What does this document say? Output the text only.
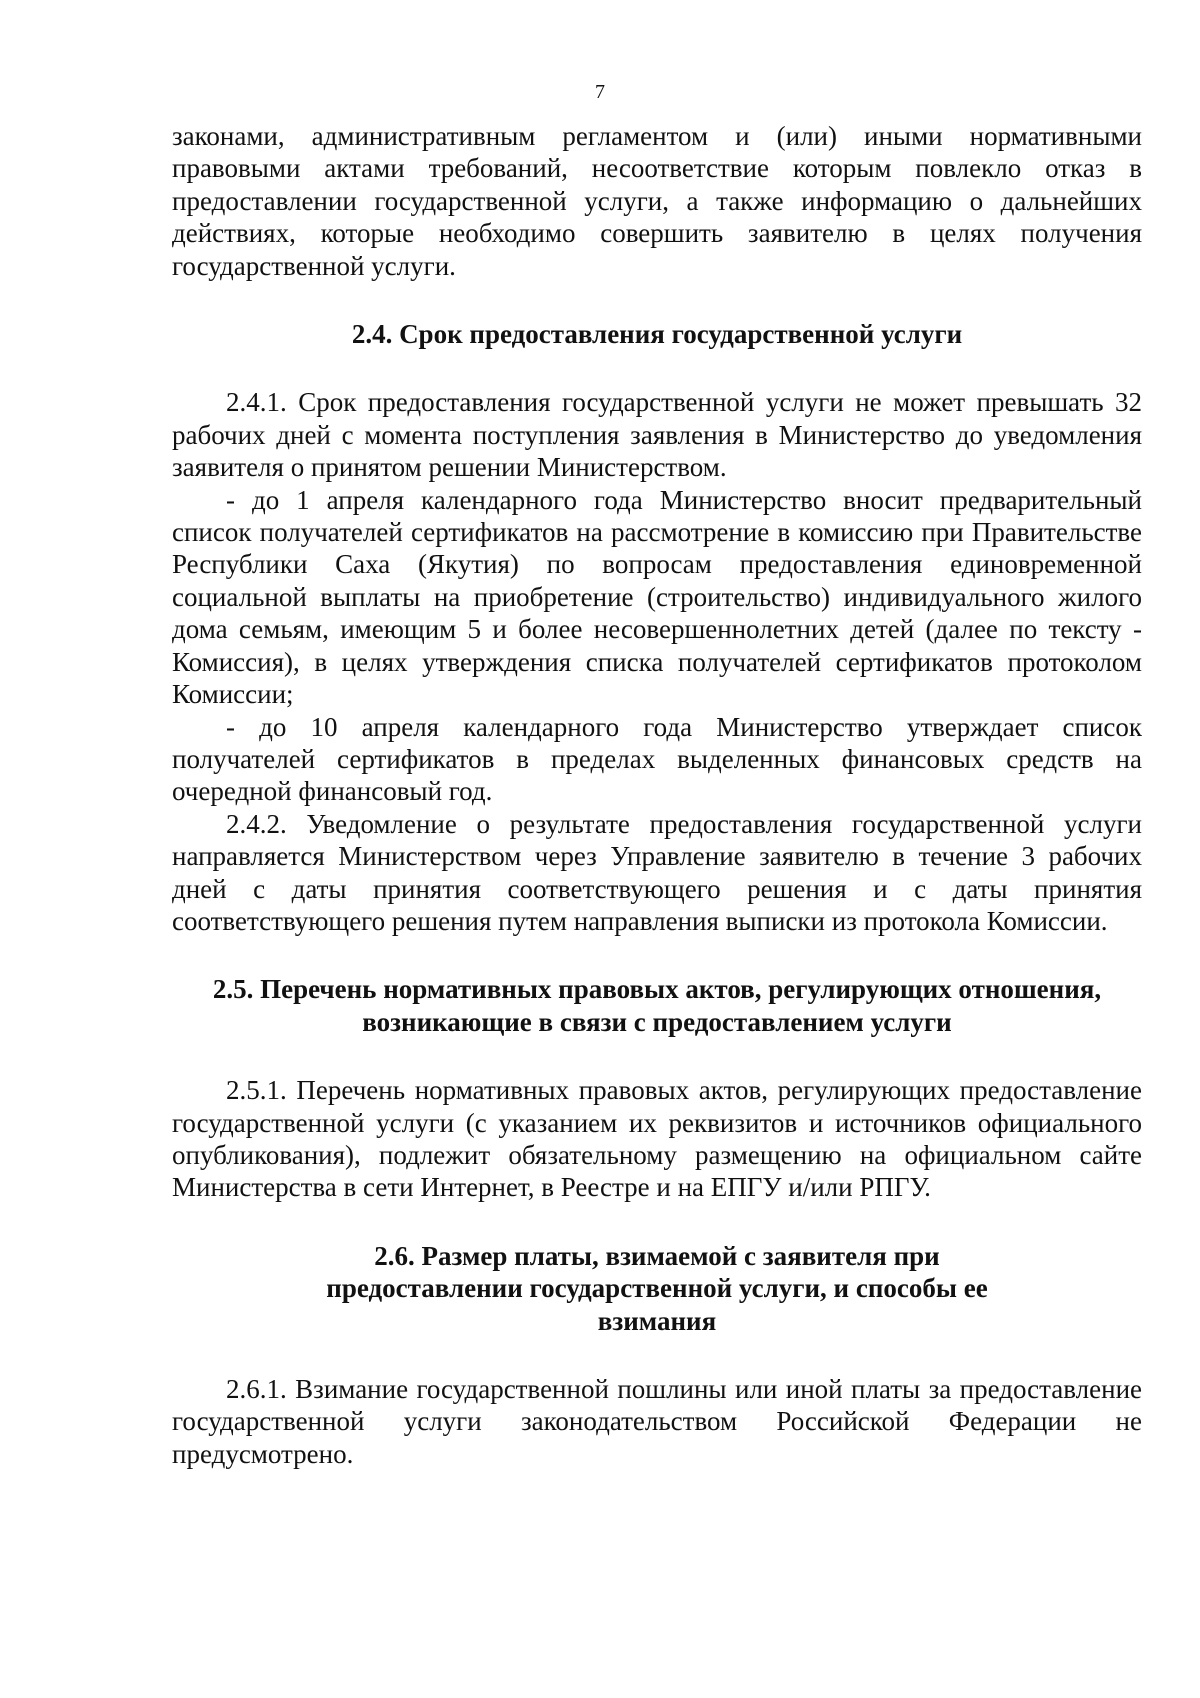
7

законами, административным регламентом и (или) иными нормативными правовыми актами требований, несоответствие которым повлекло отказ в предоставлении государственной услуги, а также информацию о дальнейших действиях, которые необходимо совершить заявителю в целях получения государственной услуги.

2.4. Срок предоставления государственной услуги

2.4.1. Срок предоставления государственной услуги не может превышать 32 рабочих дней с момента поступления заявления в Министерство до уведомления заявителя о принятом решении Министерством.

- до 1 апреля календарного года Министерство вносит предварительный список получателей сертификатов на рассмотрение в комиссию при Правительстве Республики Саха (Якутия) по вопросам предоставления единовременной социальной выплаты на приобретение (строительство) индивидуального жилого дома семьям, имеющим 5 и более несовершеннолетних детей (далее по тексту - Комиссия), в целях утверждения списка получателей сертификатов протоколом Комиссии;

- до 10 апреля календарного года Министерство утверждает список получателей сертификатов в пределах выделенных финансовых средств на очередной финансовый год.

2.4.2. Уведомление о результате предоставления государственной услуги направляется Министерством через Управление заявителю в течение 3 рабочих дней с даты принятия соответствующего решения и с даты принятия соответствующего решения путем направления выписки из протокола Комиссии.

2.5. Перечень нормативных правовых актов, регулирующих отношения, возникающие в связи с предоставлением услуги

2.5.1. Перечень нормативных правовых актов, регулирующих предоставление государственной услуги (с указанием их реквизитов и источников официального опубликования), подлежит обязательному размещению на официальном сайте Министерства в сети Интернет, в Реестре и на ЕПГУ и/или РПГУ.

2.6. Размер платы, взимаемой с заявителя при предоставлении государственной услуги, и способы ее взимания

2.6.1. Взимание государственной пошлины или иной платы за предоставление государственной услуги законодательством Российской Федерации не предусмотрено.
